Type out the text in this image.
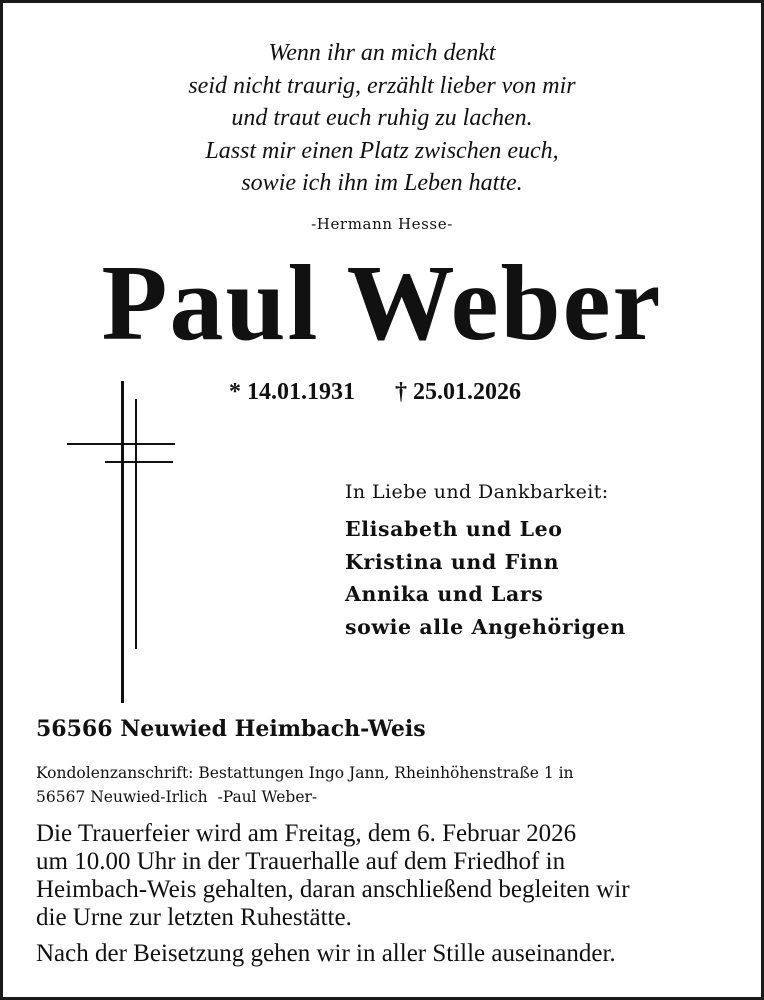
Wenn ihr an mich denkt
seid nicht traurig, erzählt lieber von mir
und traut euch ruhig zu lachen.
Lasst mir einen Platz zwischen euch,
sowie ich ihn im Leben hatte.
-Hermann Hesse-
Paul Weber
* 14.01.1931 † 25.01.2026
In Liebe und Dankbarkeit:
Elisabeth und Leo
Kristina und Finn
Annika und Lars
sowie alle Angehörigen
56566 Neuwied Heimbach-Weis
Kondolenzanschrift: Bestattungen Ingo Jann, Rheinhöhenstraße 1 in
56567 Neuwied-Irlich  -Paul Weber-

Die Trauerfeier wird am Freitag, dem 6. Februar 2026

um 10.00 Uhr in der Trauerhalle auf dem Friedhof in

Heimbach-Weis gehalten, daran anschließend begleiten wir

die Urne zur letzten Ruhestätte.

Nach der Beisetzung gehen wir in aller Stille auseinander.
